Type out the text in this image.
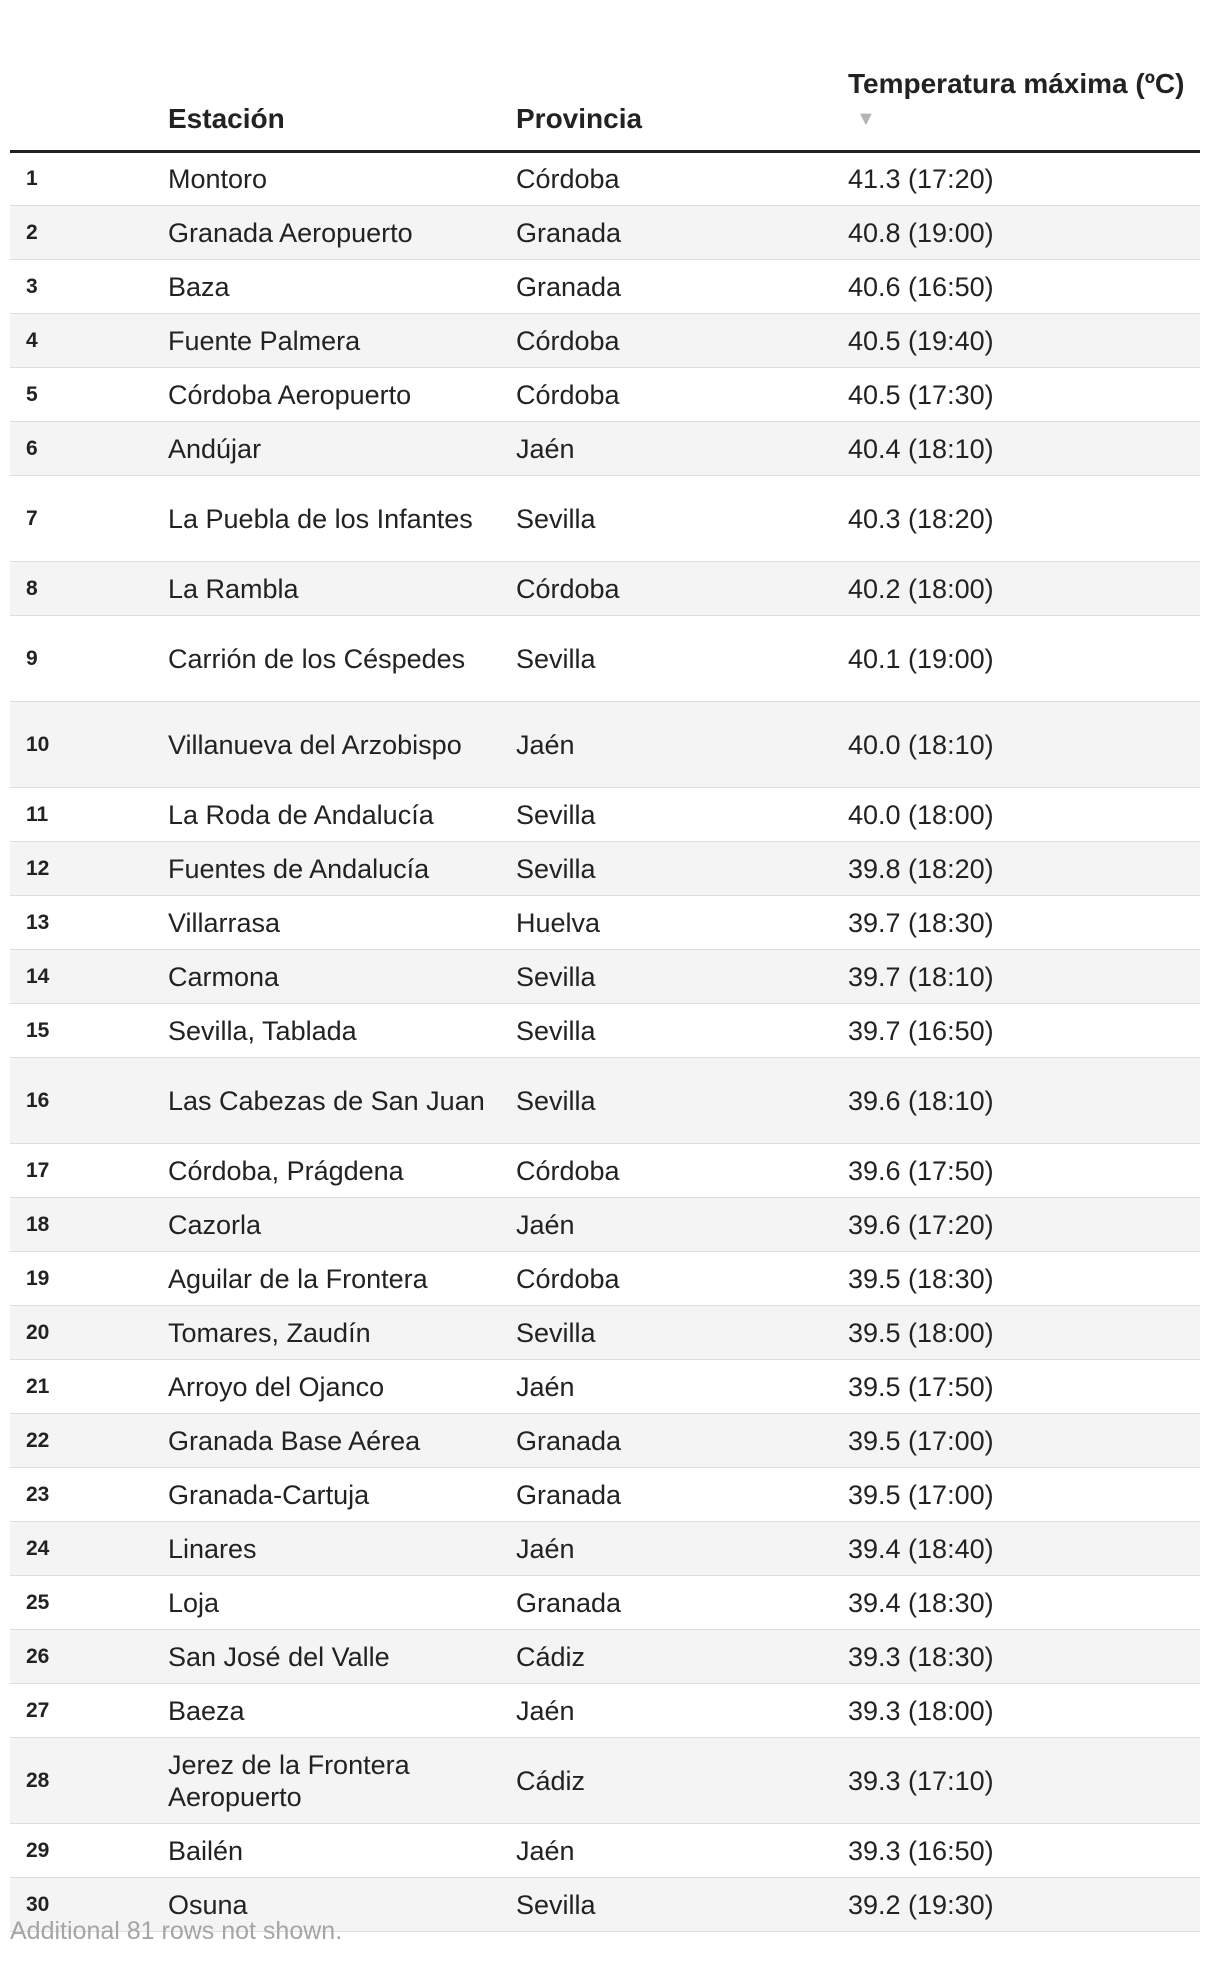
	Estación	Provincia	Temperatura máxima (ºC)▼
1	Montoro	Córdoba	41.3 (17:20)
2	Granada Aeropuerto	Granada	40.8 (19:00)
3	Baza	Granada	40.6 (16:50)
4	Fuente Palmera	Córdoba	40.5 (19:40)
5	Córdoba Aeropuerto	Córdoba	40.5 (17:30)
6	Andújar	Jaén	40.4 (18:10)
7	La Puebla de los Infantes	Sevilla	40.3 (18:20)
8	La Rambla	Córdoba	40.2 (18:00)
9	Carrión de los Céspedes	Sevilla	40.1 (19:00)
10	Villanueva del Arzobispo	Jaén	40.0 (18:10)
11	La Roda de Andalucía	Sevilla	40.0 (18:00)
12	Fuentes de Andalucía	Sevilla	39.8 (18:20)
13	Villarrasa	Huelva	39.7 (18:30)
14	Carmona	Sevilla	39.7 (18:10)
15	Sevilla, Tablada	Sevilla	39.7 (16:50)
16	Las Cabezas de San Juan	Sevilla	39.6 (18:10)
17	Córdoba, Prágdena	Córdoba	39.6 (17:50)
18	Cazorla	Jaén	39.6 (17:20)
19	Aguilar de la Frontera	Córdoba	39.5 (18:30)
20	Tomares, Zaudín	Sevilla	39.5 (18:00)
21	Arroyo del Ojanco	Jaén	39.5 (17:50)
22	Granada Base Aérea	Granada	39.5 (17:00)
23	Granada-Cartuja	Granada	39.5 (17:00)
24	Linares	Jaén	39.4 (18:40)
25	Loja	Granada	39.4 (18:30)
26	San José del Valle	Cádiz	39.3 (18:30)
27	Baeza	Jaén	39.3 (18:00)
28	Jerez de la Frontera Aeropuerto	Cádiz	39.3 (17:10)
29	Bailén	Jaén	39.3 (16:50)
30	Osuna	Sevilla	39.2 (19:30)
Additional 81 rows not shown.
